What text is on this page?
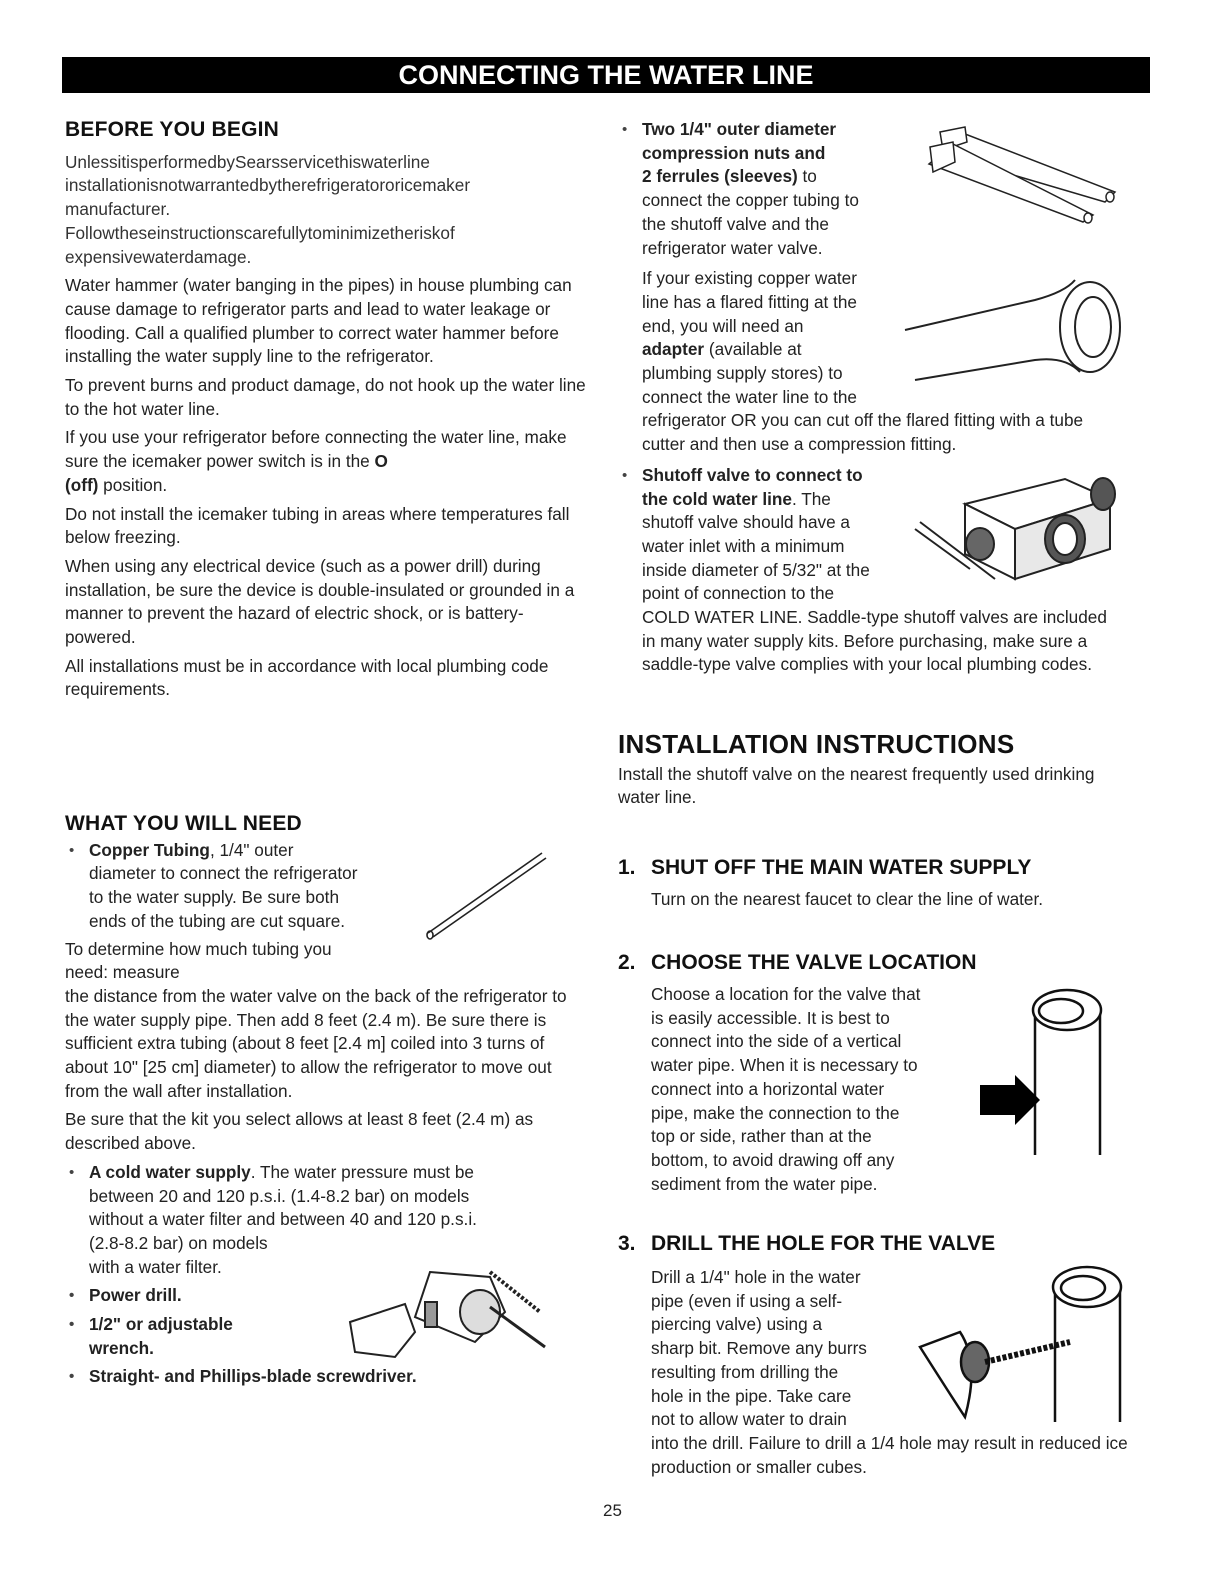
CONNECTING THE WATER LINE
BEFORE YOU BEGIN

UnlessitisperformedbySearsservicethiswaterline
installationisnotwarrantedbytherefrigeratororicemaker
manufacturer.
Followtheseinstructionscarefullytominimizetheriskof
expensivewaterdamage.

Water hammer (water banging in the pipes) in house plumbing can cause damage to refrigerator parts and lead to water leakage or flooding. Call a qualified plumber to correct water hammer before installing the water supply line to the refrigerator.

To prevent burns and product damage, do not hook up the water line to the hot water line.

If you use your refrigerator before connecting the water line, make sure the icemaker power switch is in the O
(off) position.

Do not install the icemaker tubing in areas where temperatures fall below freezing.

When using any electrical device (such as a power drill) during installation, be sure the device is double-insulated or grounded in a manner to prevent the hazard of electric shock, or is battery-powered.

All installations must be in accordance with local plumbing code requirements.

WHAT YOU WILL NEED
• Copper Tubing, 1/4" outer
diameter to connect the refrigerator
to the water supply. Be sure both
ends of the tubing are cut square.

To determine how much tubing you
need: measure
the distance from the water valve on the back of the refrigerator to the water supply pipe. Then add 8 feet (2.4 m). Be sure there is sufficient extra tubing (about 8 feet [2.4 m] coiled into 3 turns of about 10" [25 cm] diameter) to allow the refrigerator to move out from the wall after installation.

Be sure that the kit you select allows at least 8 feet (2.4 m) as described above.

• A cold water supply. The water pressure must be
between 20 and 120 p.s.i. (1.4-8.2 bar) on models
without a water filter and between 40 and 120 p.s.i.
(2.8-8.2 bar) on models
with a water filter.
• Power drill.
• 1/2" or adjustable
wrench.
• Straight- and Phillips-blade screwdriver.
• Two 1/4" outer diameter
compression nuts and
2 ferrules (sleeves) to
connect the copper tubing to
the shutoff valve and the
refrigerator water valve.

If your existing copper water
line has a flared fitting at the
end, you will need an
adapter (available at
plumbing supply stores) to
connect the water line to the
refrigerator OR you can cut off the flared fitting with a tube cutter and then use a compression fitting.

• Shutoff valve to connect to
the cold water line. The
shutoff valve should have a
water inlet with a minimum
inside diameter of 5/32" at the
point of connection to the
COLD WATER LINE. Saddle-type shutoff valves are included in many water supply kits. Before purchasing, make sure a saddle-type valve complies with your local plumbing codes.
INSTALLATION INSTRUCTIONS

Install the shutoff valve on the nearest frequently used drinking water line.

1. SHUT OFF THE MAIN WATER SUPPLY
Turn on the nearest faucet to clear the line of water.
2. CHOOSE THE VALVE LOCATION
Choose a location for the valve that
is easily accessible. It is best to
connect into the side of a vertical
water pipe. When it is necessary to
connect into a horizontal water
pipe, make the connection to the
top or side, rather than at the
bottom, to avoid drawing off any
sediment from the water pipe.
3. DRILL THE HOLE FOR THE VALVE
Drill a 1/4" hole in the water
pipe (even if using a self-
piercing valve) using a
sharp bit. Remove any burrs
resulting from drilling the
hole in the pipe. Take care
not to allow water to drain
into the drill. Failure to drill a 1/4 hole may result in reduced ice production or smaller cubes.
25
